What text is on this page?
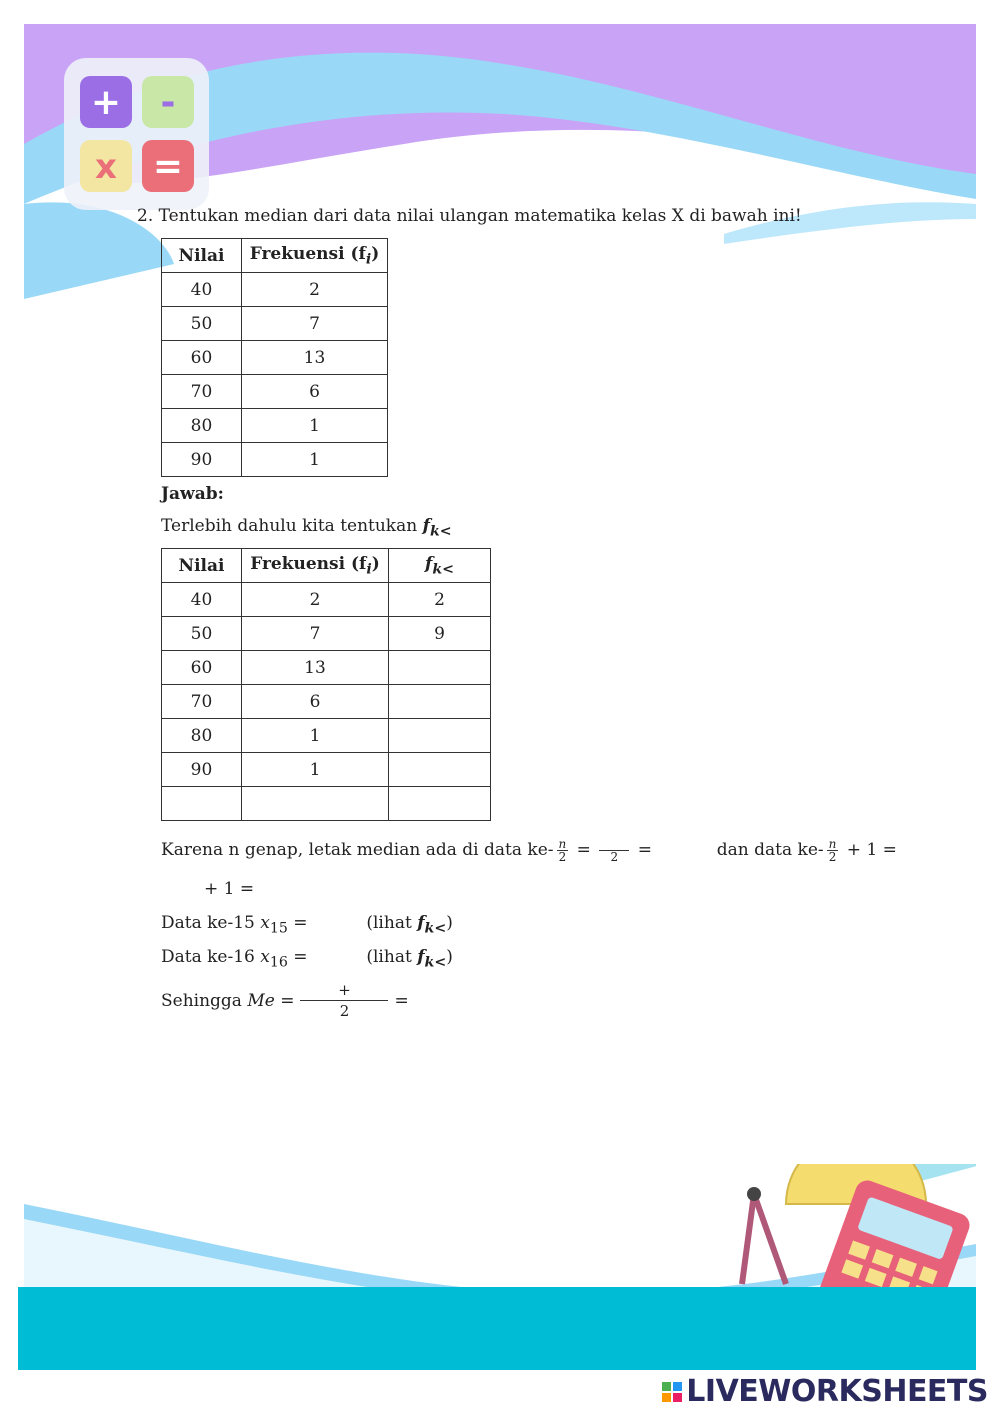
+ -
x =
2. Tentukan median dari data nilai ulangan matematika kelas X di bawah ini!
Nilai	Frekuensi $(f_i)$
40	2
50	7
60	13
70	6
80	1
90	1
Jawab:
Terlebih dahulu kita tentukan $f_{k<}$
Nilai	Frekuensi $(f_i)$	$f_{k<}$
40	2	2
50	7	9
60	13	
70	6	
80	1	
90	1	

Karena n genap, letak median ada di data $ke- \frac{n}{2}$ =	2	=	dan data $ke- \frac{n}{2} + 1$ =
+ 1 =
Data ke-15 $x_{15}$ =	(lihat $f_{k<}$)
Data ke-16 $x_{16}$ =	(lihat $f_{k<}$)
Sehingga
Me
=
+
2
=
LIVEWORKSHEETS
